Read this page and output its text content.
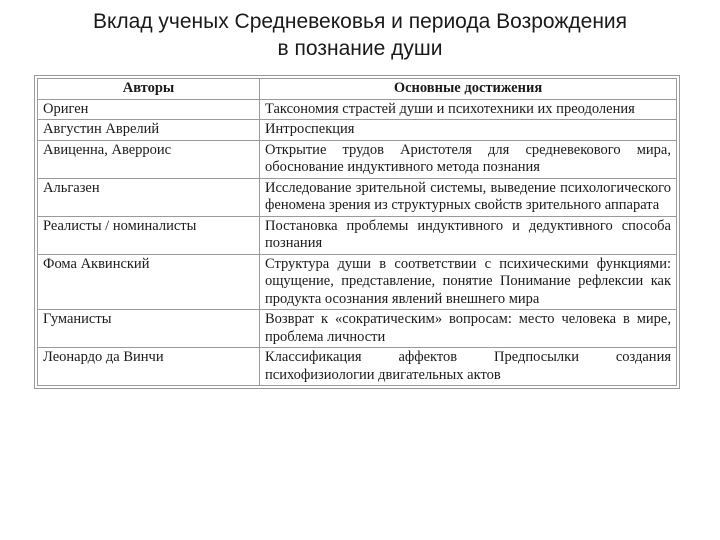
Вклад ученых Средневековья и периода Возрождения
в познание души
Авторы	Основные достижения
Ориген	Таксономия страстей души и психотехники их преодоления
Августин Аврелий	Интроспекция
Авиценна, Аверроис	Открытие трудов Аристотеля для средневекового мира, обоснование индуктивного метода познания
Альгазен	Исследование зрительной системы, выведение психологического феномена зрения из структурных свойств зрительного аппарата
Реалисты / номиналисты	Постановка проблемы индуктивного и дедуктивного способа познания
Фома Аквинский	Структура души в соответствии с психическими функциями: ощущение, представление, понятие Понимание рефлексии как продукта осознания явлений внешнего мира
Гуманисты	Возврат к «сократическим» вопросам: место человека в мире, проблема личности
Леонардо да Винчи	Классификация аффектов Предпосылки создания психофизиологии двигательных актов
